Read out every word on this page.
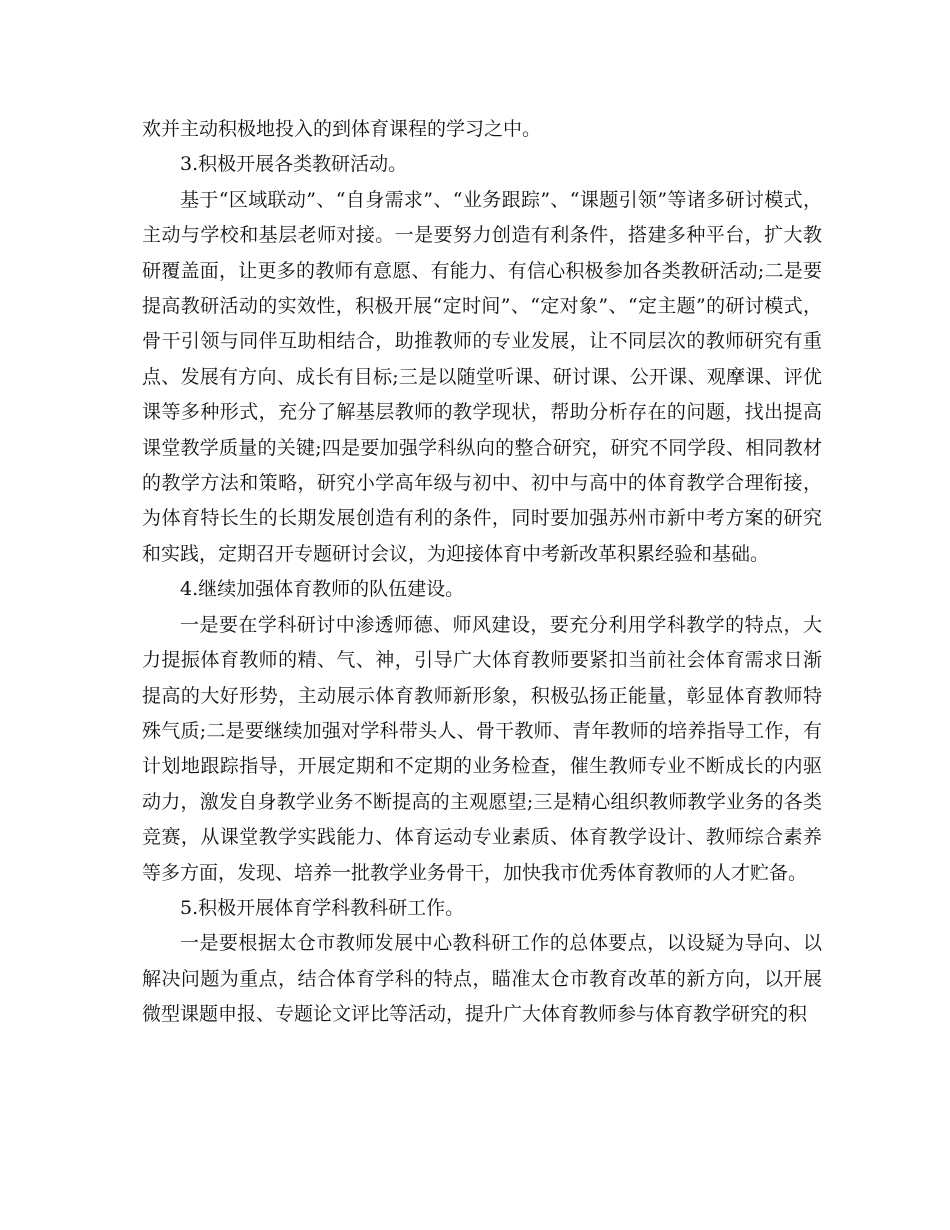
欢并主动积极地投入的到体育课程的学习之中。

3.积极开展各类教研活动。

基于“区域联动”、“自身需求”、“业务跟踪”、“课题引领”等诸多研讨模式，主动与学校和基层老师对接。一是要努力创造有利条件，搭建多种平台，扩大教研覆盖面，让更多的教师有意愿、有能力、有信心积极参加各类教研活动;二是要提高教研活动的实效性，积极开展“定时间”、“定对象”、“定主题”的研讨模式，骨干引领与同伴互助相结合，助推教师的专业发展，让不同层次的教师研究有重点、发展有方向、成长有目标;三是以随堂听课、研讨课、公开课、观摩课、评优课等多种形式，充分了解基层教师的教学现状，帮助分析存在的问题，找出提高课堂教学质量的关键;四是要加强学科纵向的整合研究，研究不同学段、相同教材的教学方法和策略，研究小学高年级与初中、初中与高中的体育教学合理衔接，为体育特长生的长期发展创造有利的条件，同时要加强苏州市新中考方案的研究和实践，定期召开专题研讨会议，为迎接体育中考新改革积累经验和基础。

4.继续加强体育教师的队伍建设。

一是要在学科研讨中渗透师德、师风建设，要充分利用学科教学的特点，大力提振体育教师的精、气、神，引导广大体育教师要紧扣当前社会体育需求日渐提高的大好形势，主动展示体育教师新形象，积极弘扬正能量，彰显体育教师特殊气质;二是要继续加强对学科带头人、骨干教师、青年教师的培养指导工作，有计划地跟踪指导，开展定期和不定期的业务检查，催生教师专业不断成长的内驱动力，激发自身教学业务不断提高的主观愿望;三是精心组织教师教学业务的各类竞赛，从课堂教学实践能力、体育运动专业素质、体育教学设计、教师综合素养等多方面，发现、培养一批教学业务骨干，加快我市优秀体育教师的人才贮备。

5.积极开展体育学科教科研工作。

一是要根据太仓市教师发展中心教科研工作的总体要点，以设疑为导向、以解决问题为重点，结合体育学科的特点，瞄准太仓市教育改革的新方向，以开展微型课题申报、专题论文评比等活动，提升广大体育教师参与体育教学研究的积
